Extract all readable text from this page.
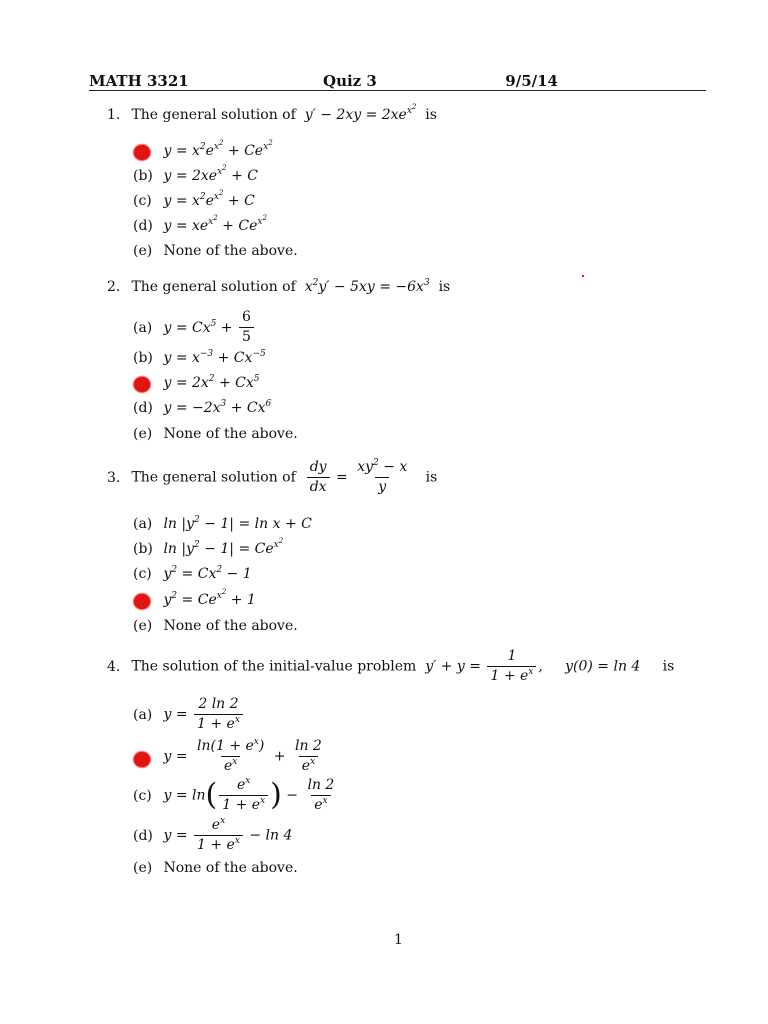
MATH 3321	Quiz 3	9/5/14
1. The general solution of $y' - 2xy = 2xe^{x^2}$ is
$y = x^2e^{x^2} + Ce^{x^2}$
(b) $y = 2xe^{x^2} + C$
(c) $y = x^2e^{x^2} + C$
(d) $y = xe^{x^2} + Ce^{x^2}$
(e) None of the above.
2. The general solution of $x^2y' - 5xy = -6x^3$ is
(a) $y = Cx^5 + \frac{6}{5}$
(b) $y = x^{-3} + Cx^{-5}$
$y = 2x^2 + Cx^5$
(d) $y = -2x^3 + Cx^6$
(e) None of the above.
3. The general solution of $\frac{dy}{dx} = \frac{xy^2 - x}{y}$ is
(a) $\ln |y^2 - 1| = \ln x + C$
(b) $\ln |y^2 - 1| = Ce^{x^2}$
(c) $y^2 = Cx^2 - 1$
$y^2 = Ce^{x^2} + 1$
(e) None of the above.
4. The solution of the initial-value problem $y' + y = \frac{1}{1 + e^x}$ , y(0) = ln 4 is
(a) $y = \frac{2 \ln 2}{1 + e^x}$
$y = \frac{\ln(1 + e^x)}{e^x} + \frac{\ln 2}{e^x}$
(c) $y = \ln( \frac{e^x}{1 + e^x}$ ) − $\frac{\ln 2}{e^x}$
(d) $y = \frac{e^x}{1 + e^x} - \ln 4$
(e) None of the above.
1
